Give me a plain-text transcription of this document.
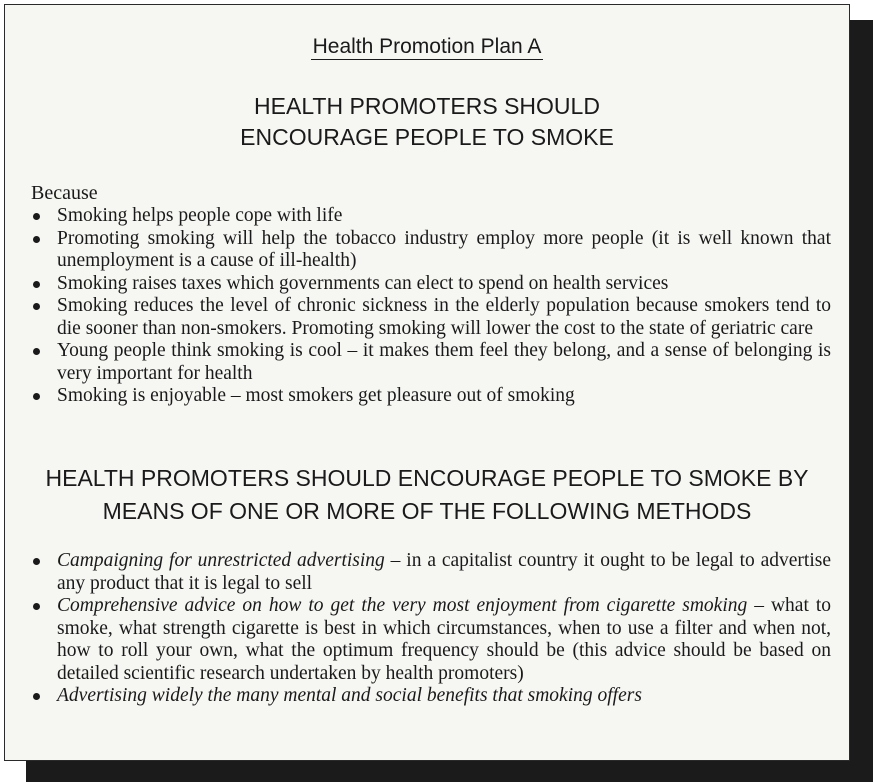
Health Promotion Plan A
HEALTH PROMOTERS SHOULD
ENCOURAGE PEOPLE TO SMOKE
Because
Smoking helps people cope with life
Promoting smoking will help the tobacco industry employ more people (it is well known that unemployment is a cause of ill-health)
Smoking raises taxes which governments can elect to spend on health services
Smoking reduces the level of chronic sickness in the elderly population because smokers tend to die sooner than non-smokers. Promoting smoking will lower the cost to the state of geriatric care
Young people think smoking is cool – it makes them feel they belong, and a sense of belonging is very important for health
Smoking is enjoyable – most smokers get pleasure out of smoking
HEALTH PROMOTERS SHOULD ENCOURAGE PEOPLE TO SMOKE BY
MEANS OF ONE OR MORE OF THE FOLLOWING METHODS
Campaigning for unrestricted advertising – in a capitalist country it ought to be legal to advertise any product that it is legal to sell
Comprehensive advice on how to get the very most enjoyment from cigarette smoking – what to smoke, what strength cigarette is best in which circumstances, when to use a filter and when not, how to roll your own, what the optimum frequency should be (this advice should be based on detailed scientific research undertaken by health promoters)
Advertising widely the many mental and social benefits that smoking offers
